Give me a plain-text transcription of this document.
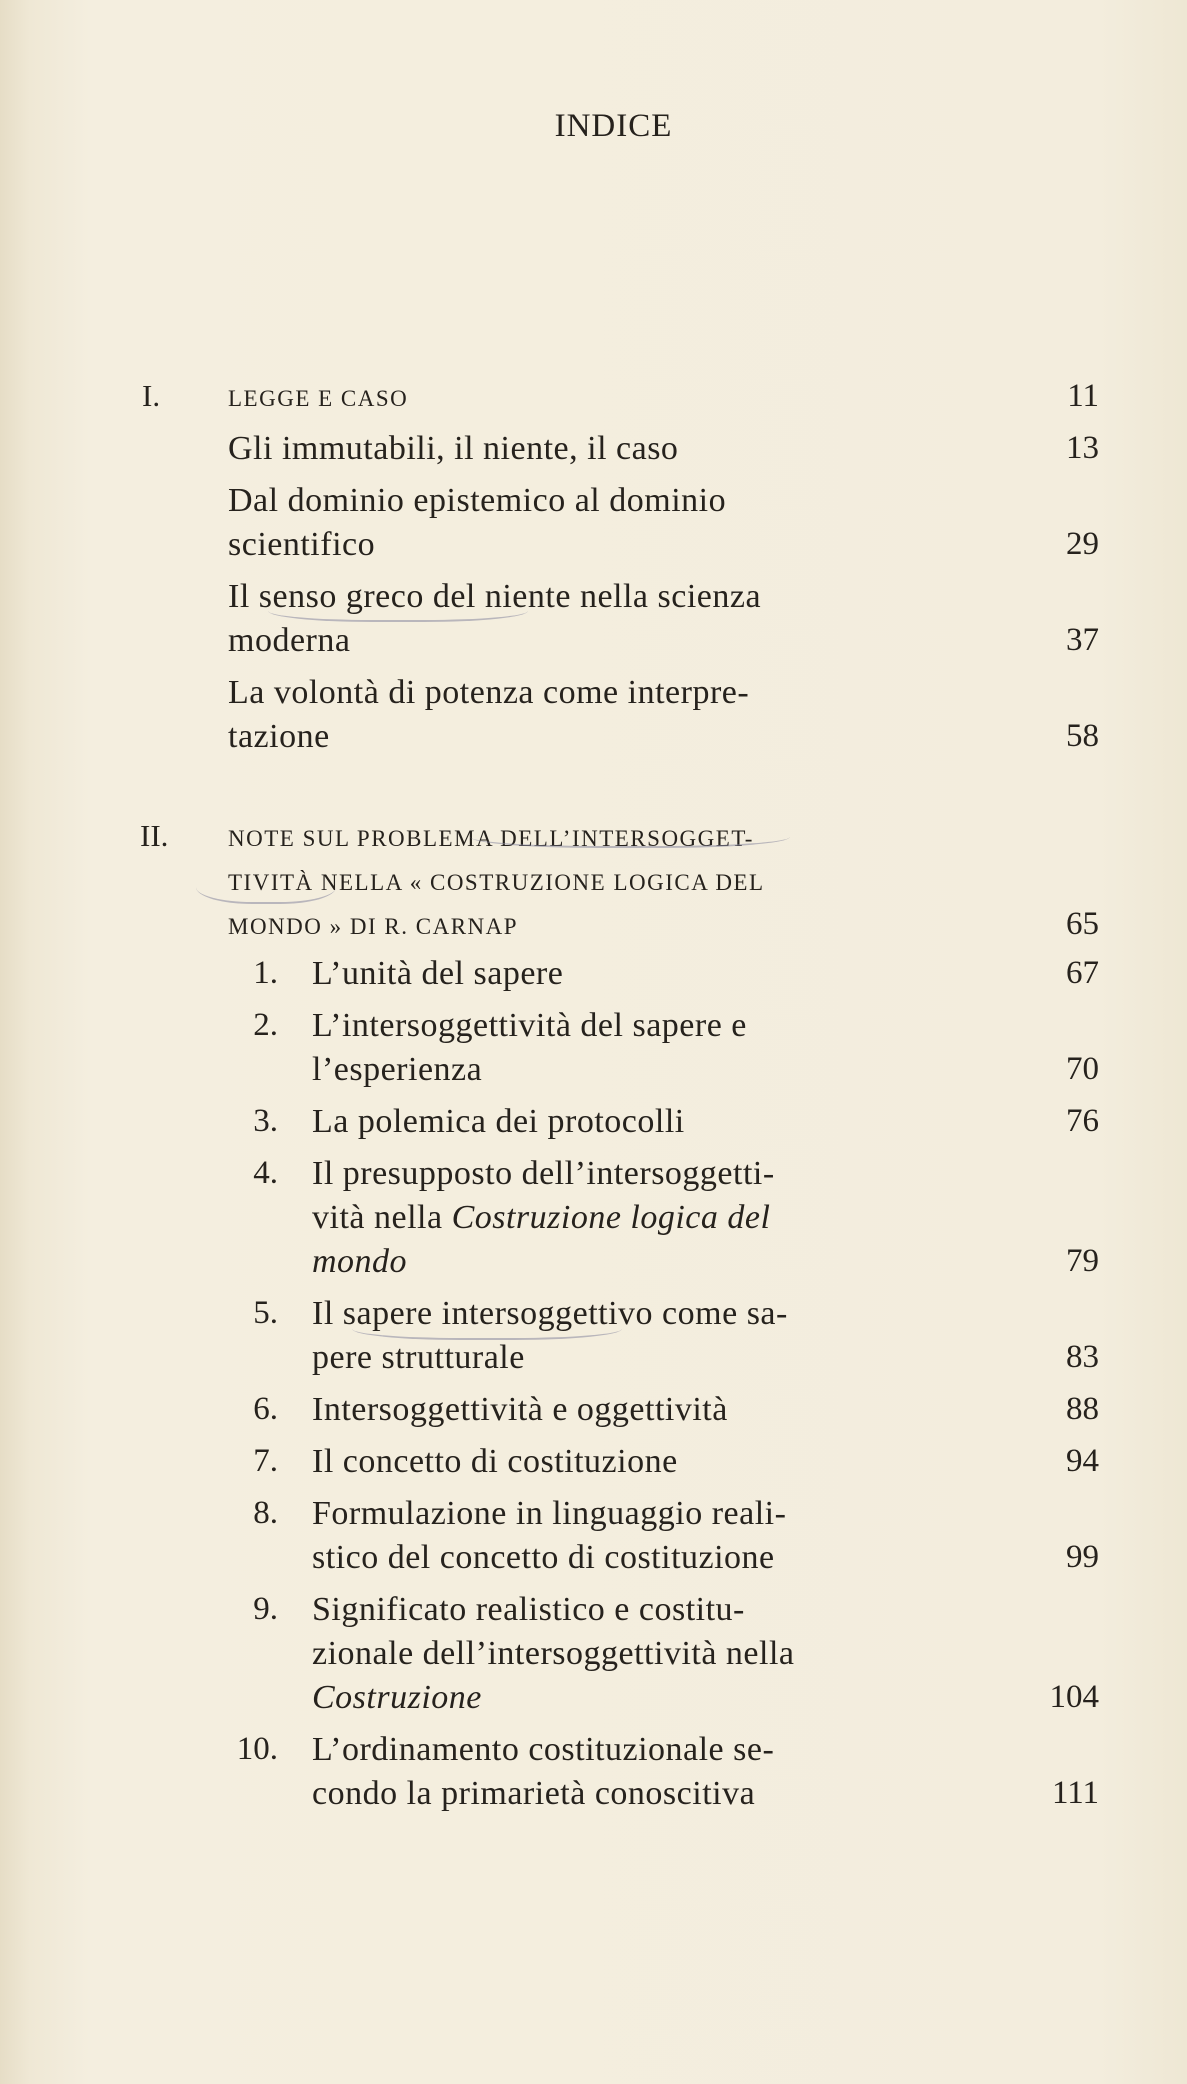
INDICE
I.	LEGGE E CASO	11
Gli immutabili, il niente, il caso	13
Dal dominio epistemico al dominio
scientifico	29
Il senso greco del niente nella scienza
moderna	37
La volontà di potenza come interpre-
tazione	58
II.	NOTE SUL PROBLEMA DELL’INTERSOGGET-
TIVITÀ NELLA « COSTRUZIONE LOGICA DEL
MONDO » DI R. CARNAP	65
1. L’unità del sapere	67
2. L’intersoggettività del sapere e
l’esperienza	70
3. La polemica dei protocolli	76
4. Il presupposto dell’intersoggetti-
vità nella Costruzione logica del
mondo	79
5. Il sapere intersoggettivo come sa-
pere strutturale	83
6. Intersoggettività e oggettività	88
7. Il concetto di costituzione	94
8. Formulazione in linguaggio reali-
stico del concetto di costituzione	99
9. Significato realistico e costitu-
zionale dell’intersoggettività nella
Costruzione	104
10. L’ordinamento costituzionale se-
condo la primarietà conoscitiva	111
